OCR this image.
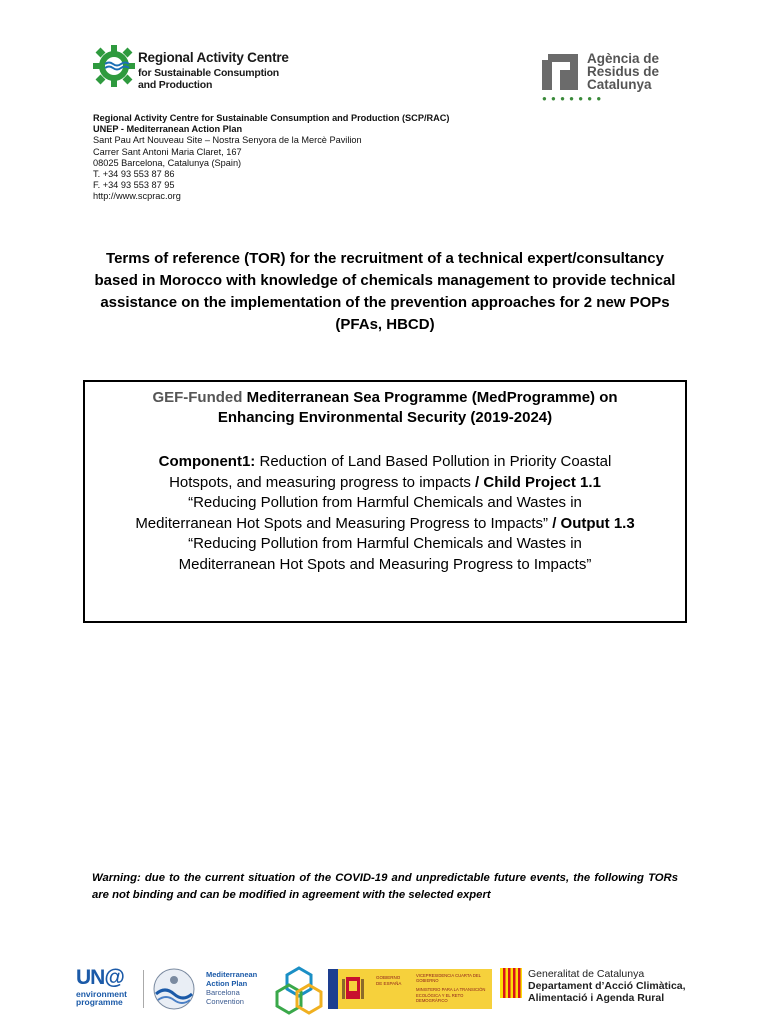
Regional Activity Centre
for Sustainable Consumption
and Production
Agència de
Residus de
Catalunya
● ● ● ● ● ● ●
Regional Activity Centre for Sustainable Consumption and Production (SCP/RAC)
UNEP - Mediterranean Action Plan
Sant Pau Art Nouveau Site – Nostra Senyora de la Mercè Pavilion
Carrer Sant Antoni Maria Claret, 167
08025 Barcelona, Catalunya (Spain)
T. +34 93 553 87 86
F. +34 93 553 87 95
http://www.scprac.org
Terms of reference (TOR) for the recruitment of a technical expert/consultancy based in Morocco with knowledge of chemicals management to provide technical assistance on the implementation of the prevention approaches for 2 new POPs (PFAs, HBCD)
GEF-Funded Mediterranean Sea Programme (MedProgramme) on
Enhancing Environmental Security (2019-2024)
Component1: Reduction of Land Based Pollution in Priority Coastal
Hotspots, and measuring progress to impacts / Child Project 1.1
“Reducing Pollution from Harmful Chemicals and Wastes in
Mediterranean Hot Spots and Measuring Progress to Impacts” / Output 1.3
“Reducing Pollution from Harmful Chemicals and Wastes in
Mediterranean Hot Spots and Measuring Progress to Impacts”
Warning: due to the current situation of the COVID-19 and unpredictable future events, the following TORs are not binding and can be modified in agreement with the selected expert
UN@
environment
programme
Mediterranean
Action Plan
Barcelona
Convention
GOBIERNO DE ESPAÑA
VICEPRESIDENCIA CUARTA DEL GOBIERNO
MINISTERIO PARA LA TRANSICIÓN ECOLÓGICA Y EL RETO DEMOGRÁFICO
Generalitat de Catalunya
Departament d’Acció Climàtica,
Alimentació i Agenda Rural
